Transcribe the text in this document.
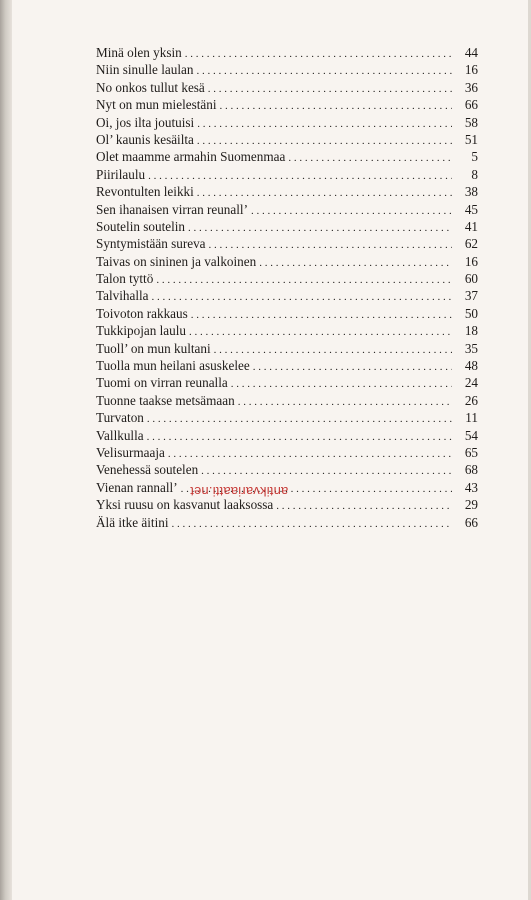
Minä olen yksin . . .	44
Niin sinulle laulan . . .	16
No onkos tullut kesä . . .	36
Nyt on mun mielestäni . . .	66
Oi, jos ilta joutuisi . . .	58
Ol’ kaunis kesäilta . . .	51
Olet maamme armahin Suomenmaa . . .	5
Piirilaulu . . .	8
Revontulten leikki . . .	38
Sen ihanaisen virran reunall’ . . .	45
Soutelin soutelin . . .	41
Syntymistään sureva . . .	62
Taivas on sininen ja valkoinen . . .	16
Talon tyttö . . .	60
Talvihalla . . .	37
Toivoton rakkaus . . .	50
Tukkipojan laulu . . .	18
Tuoll’ on mun kultani . . .	35
Tuolla mun heilani asuskelee . . .	48
Tuomi on virran reunalla . . .	24
Tuonne taakse metsämaan . . .	26
Turvaton . . .	11
Vallkulla . . .	54
Velisurmaaja . . .	65
Venehessä soutelen . . .	68
Vienan rannall’ . . .	43
Yksi ruusu on kasvanut laaksossa . . .	29
Älä itke äitini . . .	66
antikvariaatti.net
